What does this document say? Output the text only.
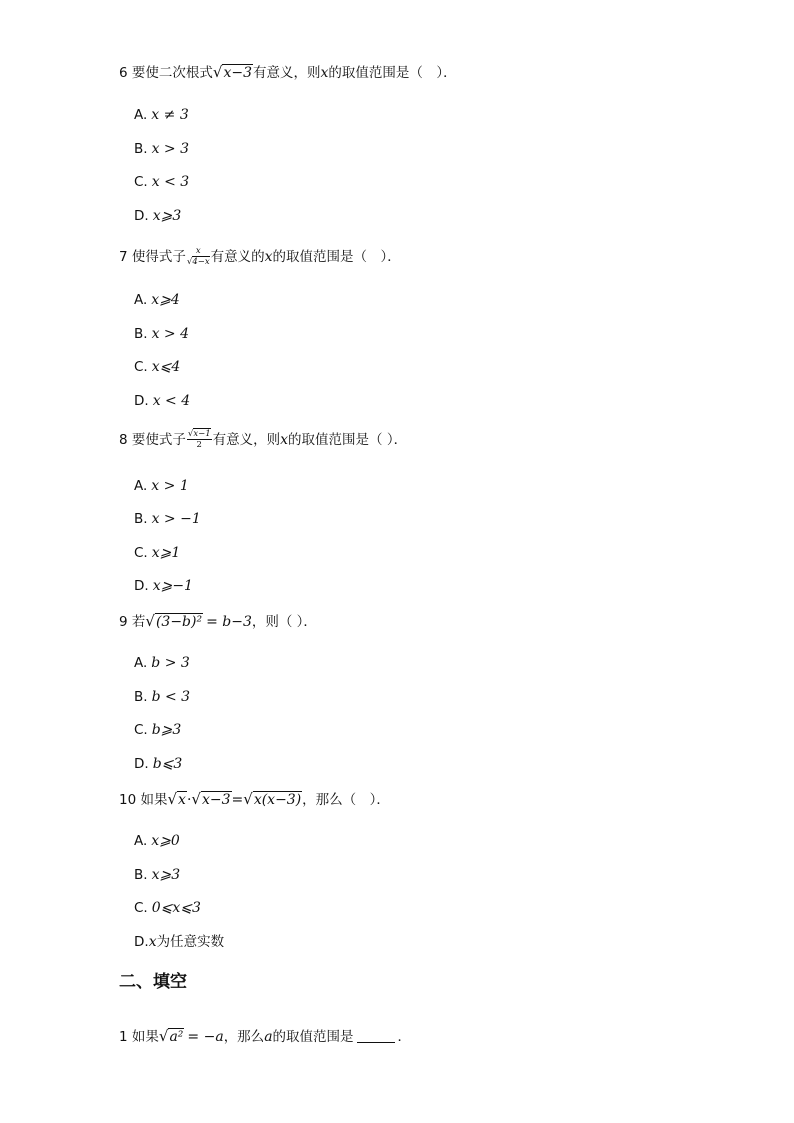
6 要使二次根式 √x−3 有意义，则 x 的取值范围是（　）．
A. x ≠ 3
B. x > 3
C. x < 3
D. x⩾3
7 使得式子 $\frac{x}{√4-x}$ 有意义的 x 的取值范围是（　）．
A. x⩾4
B. x > 4
C. x⩽4
D. x < 4
8 要使式子 $\frac{√x-1}{2}$ 有意义，则 x 的取值范围是（ ）．
A. x > 1
B. x > −1
C. x⩾1
D. x⩾−1
9 若 √(3−b)² = b−3 ，则（ ）．
A. b > 3
B. b < 3
C. b⩾3
D. b⩽3
10 如果 √x · √x−3 = √x(x−3) ，那么（　）．
A. x⩾0
B. x⩾3
C. 0⩽x⩽3
D.x为任意实数
二、填空
1 如果 √a² = −a ，那么 a 的取值范围是	．
